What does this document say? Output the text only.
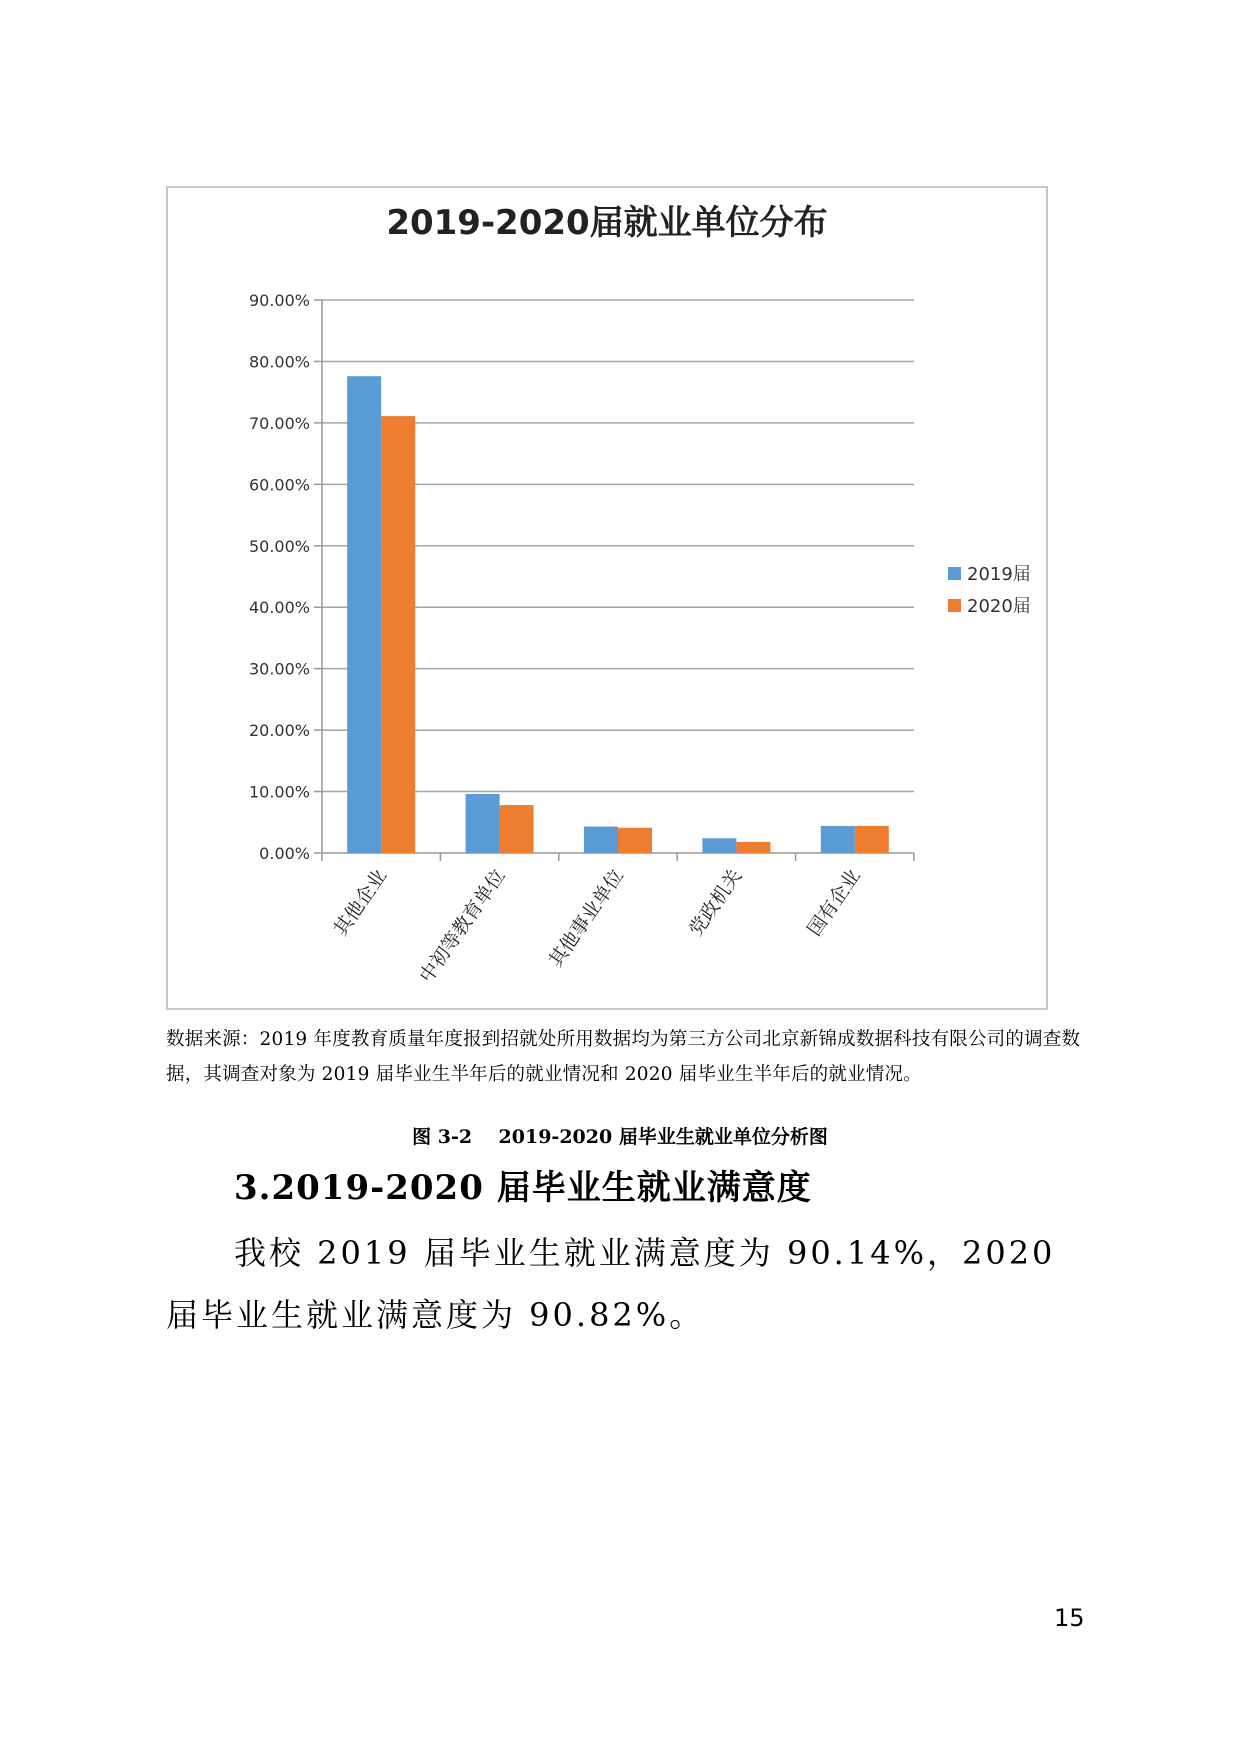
2019-2020届就业单位分布
90.00%
80.00%
70.00%
60.00%
50.00%
40.00%
30.00%
20.00%
10.00%
0.00%
其他企业 中初等教育单位 其他事业单位	党政机关	国有企业
2019届
2020届
数据来源：2019 年度教育质量年度报到招就处所用数据均为第三方公司北京新锦成数据科技有限公司的调查数据，其调查对象为 2019 届毕业生半年后的就业情况和 2020 届毕业生半年后的就业情况。
图 3-2    2019-2020 届毕业生就业单位分析图
3.2019-2020 届毕业生就业满意度
我校 2019 届毕业生就业满意度为 90.14%，2020 届毕业生就业满意度为 90.82%。
15
